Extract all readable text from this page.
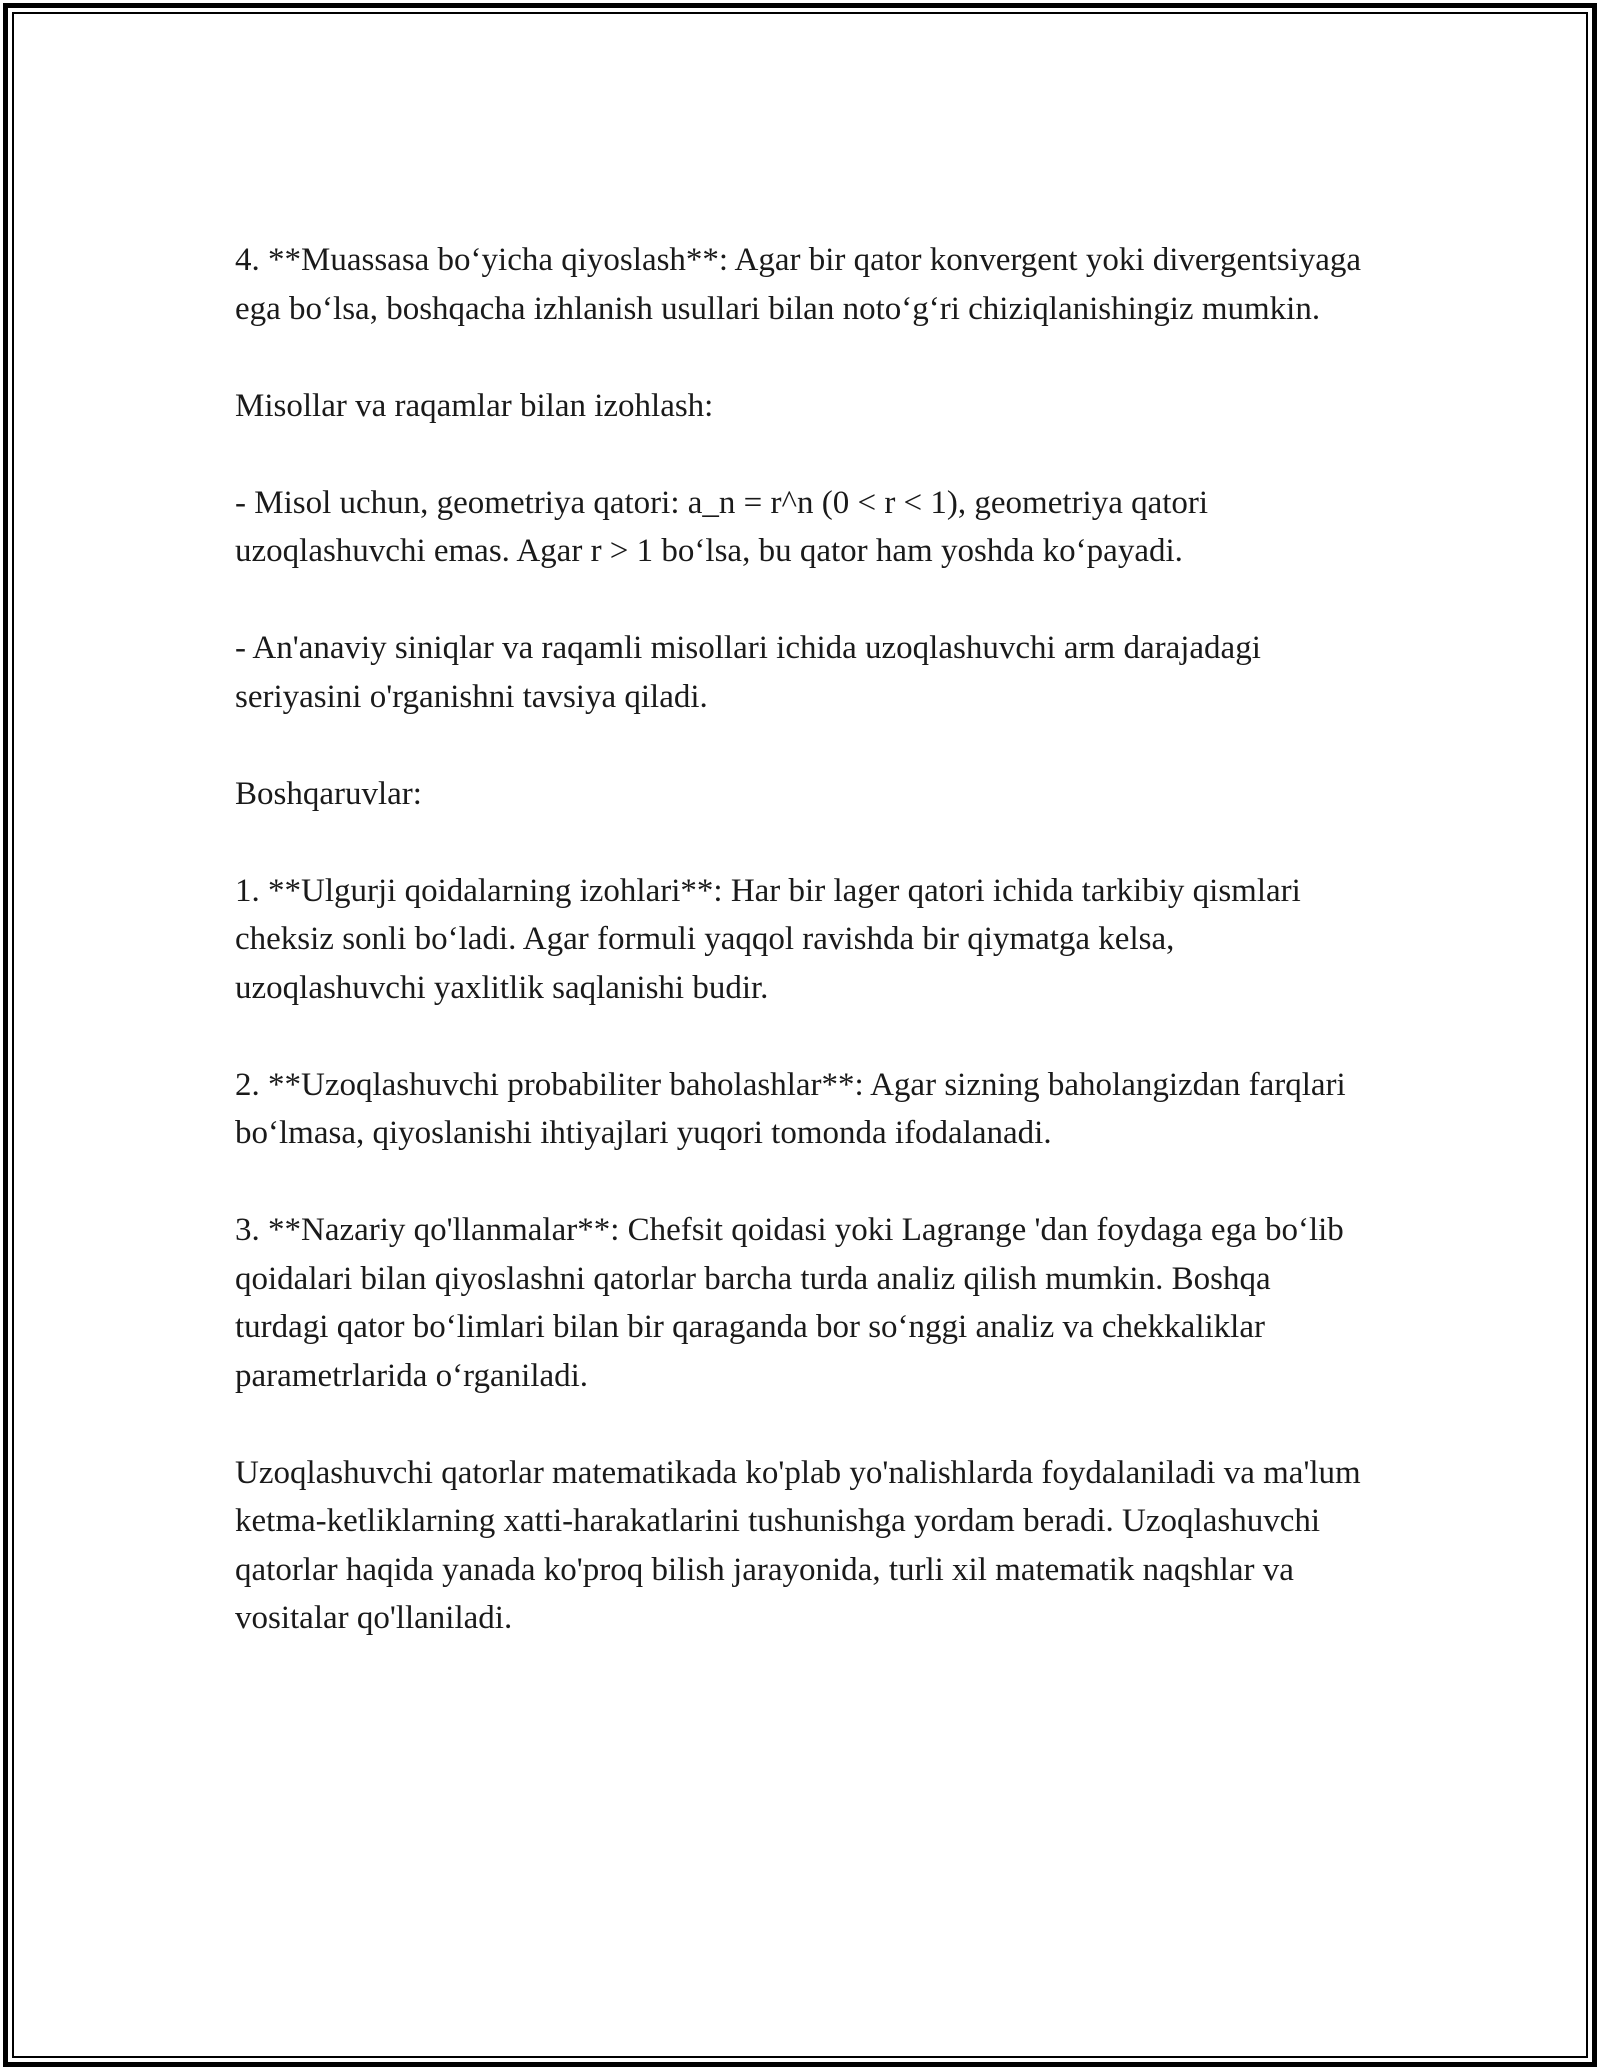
4. **Muassasa bo‘yicha qiyoslash**: Agar bir qator konvergent yoki divergentsiyaga ega bo‘lsa, boshqacha izhlanish usullari bilan noto‘g‘ri chiziqlanishingiz mumkin.

Misollar va raqamlar bilan izohlash:

- Misol uchun, geometriya qatori: a_n = r^n (0 < r < 1), geometriya qatori uzoqlashuvchi emas. Agar r > 1 bo‘lsa, bu qator ham yoshda ko‘payadi.

- An'anaviy siniqlar va raqamli misollari ichida uzoqlashuvchi arm darajadagi seriyasini o'rganishni tavsiya qiladi.

Boshqaruvlar:

1. **Ulgurji qoidalarning izohlari**: Har bir lager qatori ichida tarkibiy qismlari cheksiz sonli bo‘ladi. Agar formuli yaqqol ravishda bir qiymatga kelsa, uzoqlashuvchi yaxlitlik saqlanishi budir.

2. **Uzoqlashuvchi probabiliter baholashlar**: Agar sizning baholangizdan farqlari bo‘lmasa, qiyoslanishi ihtiyajlari yuqori tomonda ifodalanadi.

3. **Nazariy qo'llanmalar**: Chefsit qoidasi yoki Lagrange 'dan foydaga ega bo‘lib qoidalari bilan qiyoslashni qatorlar barcha turda analiz qilish mumkin. Boshqa turdagi qator bo‘limlari bilan bir qaraganda bor so‘nggi analiz va chekkaliklar parametrlarida o‘rganiladi.

Uzoqlashuvchi qatorlar matematikada ko'plab yo'nalishlarda foydalaniladi va ma'lum ketma-ketliklarning xatti-harakatlarini tushunishga yordam beradi. Uzoqlashuvchi qatorlar haqida yanada ko'proq bilish jarayonida, turli xil matematik naqshlar va vositalar qo'llaniladi.
